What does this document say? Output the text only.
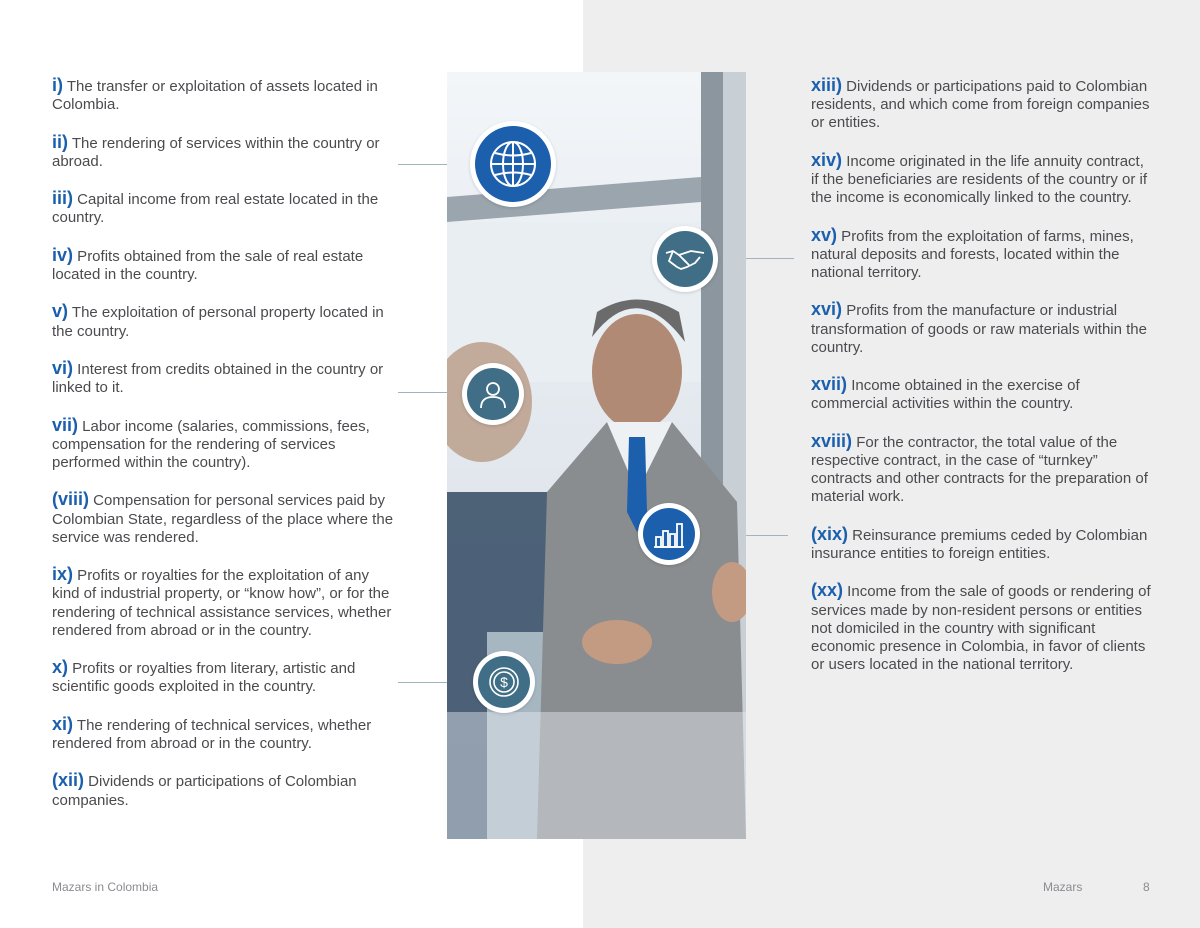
i) The transfer or exploitation of assets located in Colombia.
ii) The rendering of services within the country or abroad.
iii) Capital income from real estate located in the country.
iv) Profits obtained from the sale of real estate located in the country.
v) The exploitation of personal property located in the country.
vi) Interest from credits obtained in the country or linked to it.
vii) Labor income (salaries, commissions, fees, compensation for the rendering of services performed within the country).
(viii) Compensation for personal services paid by Colombian State, regardless of the place where the service was rendered.
ix) Profits or royalties for the exploitation of any kind of industrial property, or “know how”, or for the rendering of technical assistance services, whether rendered from abroad or in the country.
x) Profits or royalties from literary, artistic and scientific goods exploited in the country.
xi) The rendering of technical services, whether rendered from abroad or in the country.
(xii) Dividends or participations of Colombian companies.
xiii) Dividends or participations paid to Colombian residents, and which come from foreign companies or entities.
xiv) Income originated in the life annuity contract, if the beneficiaries are residents of the country or if the income is economically linked to the country.
xv) Profits from the exploitation of farms, mines, natural deposits and forests, located within the national territory.
xvi) Profits from the manufacture or industrial transformation of goods or raw materials within the country.
xvii) Income obtained in the exercise of commercial activities within the country.
xviii) For the contractor, the total value of the respective contract, in the case of “turnkey” contracts and other contracts for the preparation of material work.
(xix) Reinsurance premiums ceded by Colombian insurance entities to foreign entities.
(xx) Income from the sale of goods or rendering of services made by non-resident persons or entities not domiciled in the country with significant economic presence in Colombia, in favor of clients or users located in the national territory.
$
Mazars in Colombia	Mazars	8
